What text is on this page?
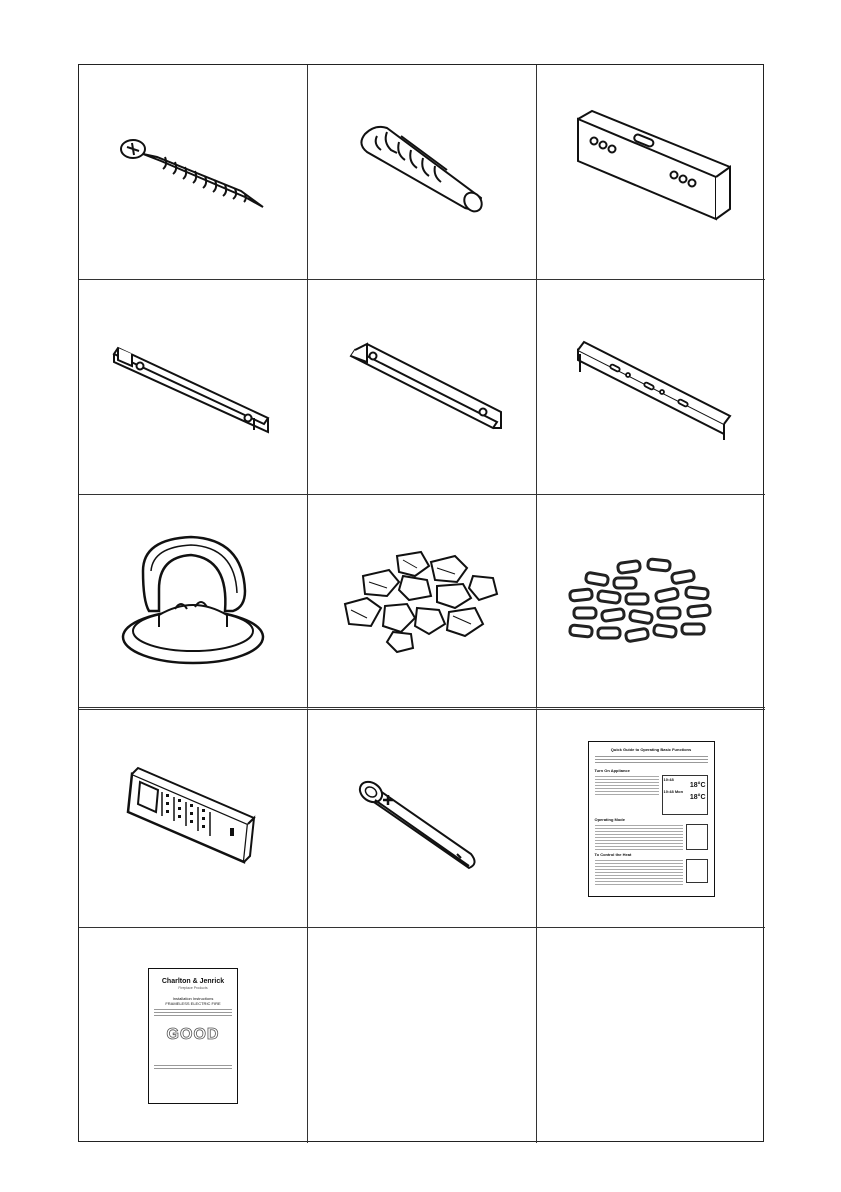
Quick Guide to Operating Basic Functions
Turn On Appliance
10:48
18°C
10:48 Mon
18°C
Operating Mode
To Control the Heat
Charlton & Jenrick
Fireplace Products
Installation Instructions
FRAMELESS ELECTRIC FIRE
GOOD
